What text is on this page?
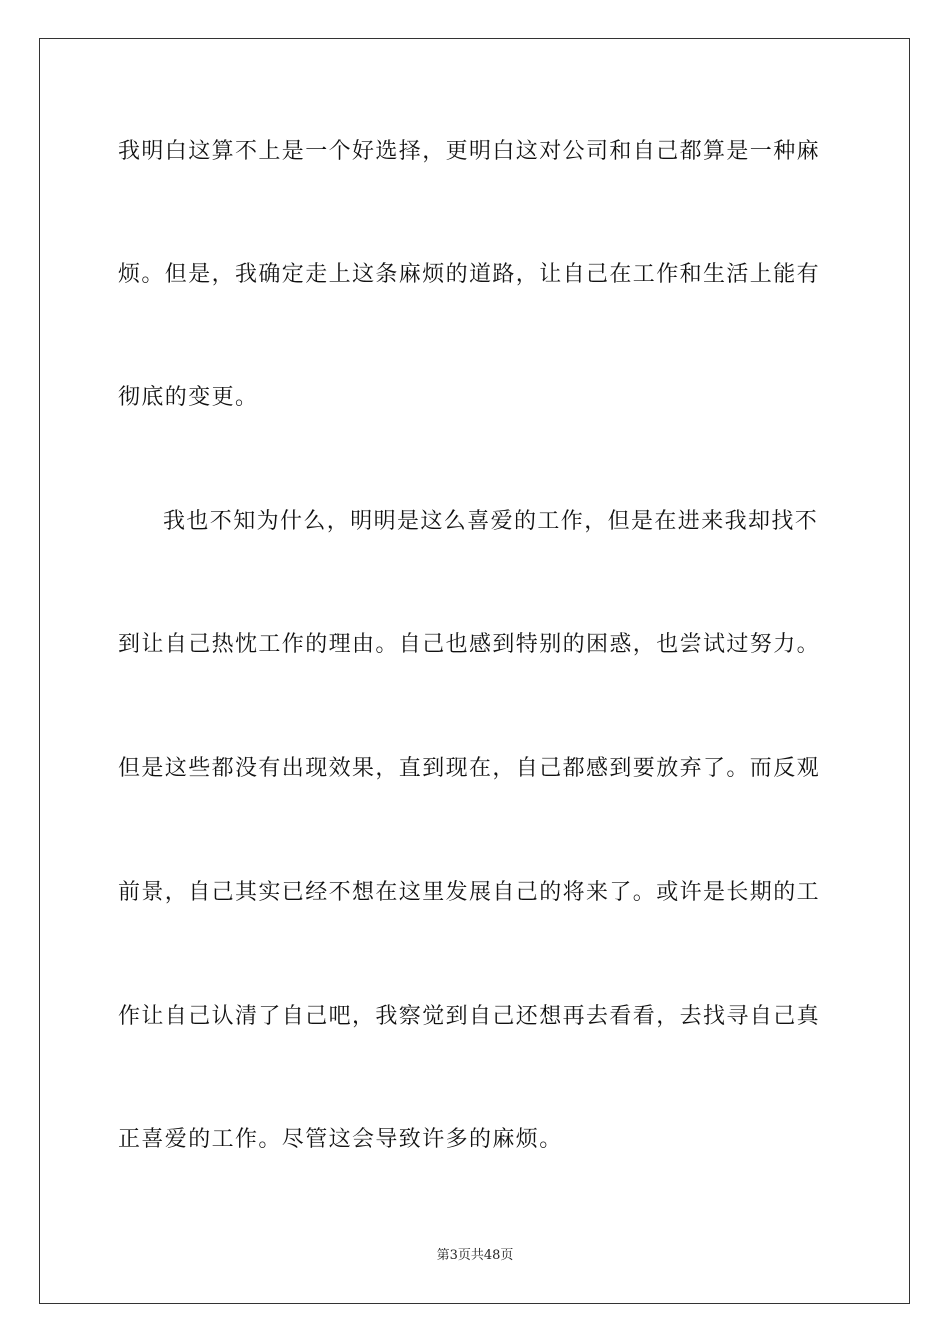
我明白这算不上是一个好选择，更明白这对公司和自己都算是一种麻
烦。但是，我确定走上这条麻烦的道路，让自己在工作和生活上能有
彻底的变更。
我也不知为什么，明明是这么喜爱的工作，但是在进来我却找不
到让自己热忱工作的理由。自己也感到特别的困惑，也尝试过努力。
但是这些都没有出现效果，直到现在，自己都感到要放弃了。而反观
前景，自己其实已经不想在这里发展自己的将来了。或许是长期的工
作让自己认清了自己吧，我察觉到自己还想再去看看，去找寻自己真
正喜爱的工作。尽管这会导致许多的麻烦。
第3页共48页
